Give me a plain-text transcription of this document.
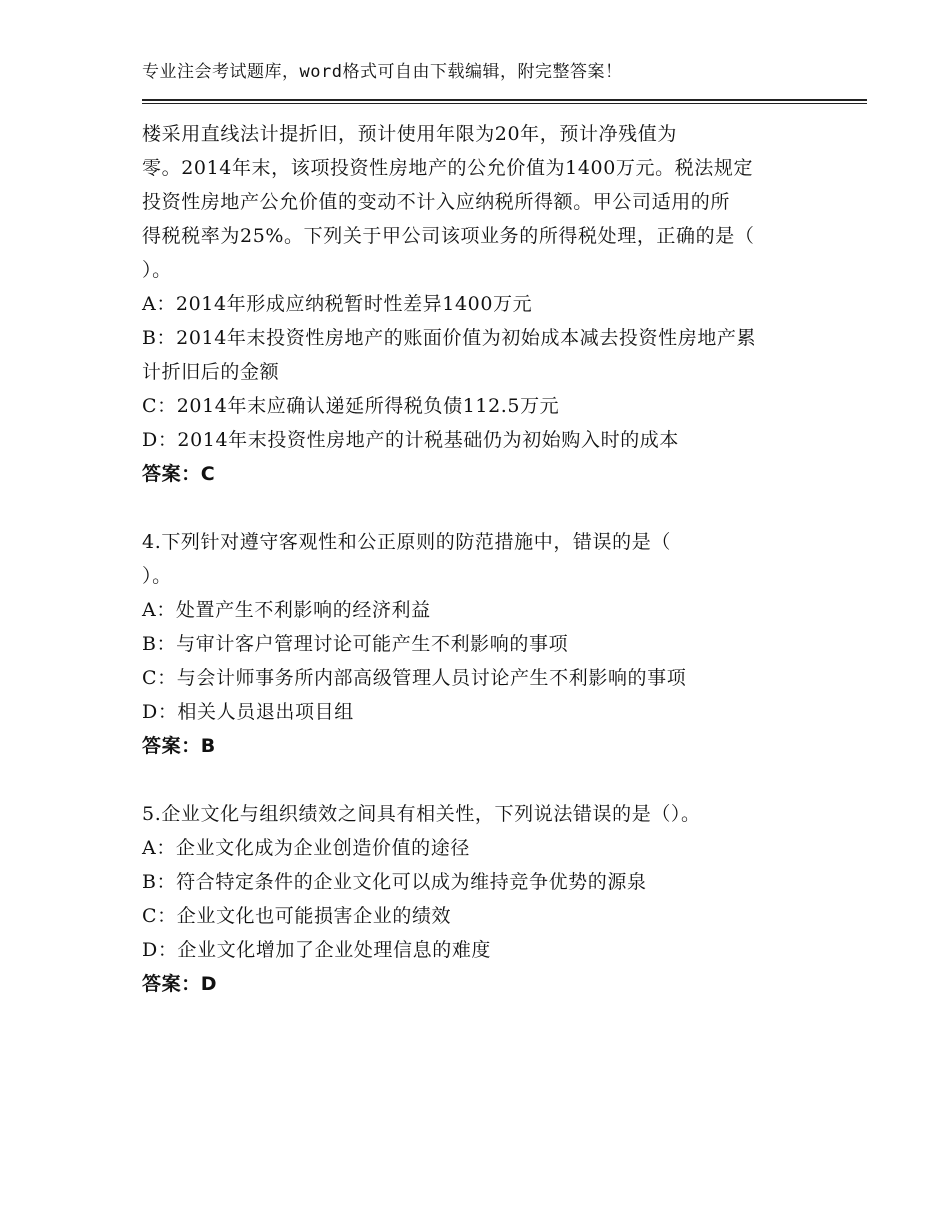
专业注会考试题库，word格式可自由下载编辑，附完整答案！
楼采用直线法计提折旧，预计使用年限为20年，预计净残值为
零。2014年末，该项投资性房地产的公允价值为1400万元。税法规定
投资性房地产公允价值的变动不计入应纳税所得额。甲公司适用的所
得税税率为25%。下列关于甲公司该项业务的所得税处理，正确的是（
）。
A：2014年形成应纳税暂时性差异1400万元
B：2014年末投资性房地产的账面价值为初始成本减去投资性房地产累
计折旧后的金额
C：2014年末应确认递延所得税负债112.5万元
D：2014年末投资性房地产的计税基础仍为初始购入时的成本
答案：C
4.下列针对遵守客观性和公正原则的防范措施中，错误的是（
）。
A：处置产生不利影响的经济利益
B：与审计客户管理讨论可能产生不利影响的事项
C：与会计师事务所内部高级管理人员讨论产生不利影响的事项
D：相关人员退出项目组
答案：B
5.企业文化与组织绩效之间具有相关性，下列说法错误的是（）。
A：企业文化成为企业创造价值的途径
B：符合特定条件的企业文化可以成为维持竞争优势的源泉
C：企业文化也可能损害企业的绩效
D：企业文化增加了企业处理信息的难度
答案：D
